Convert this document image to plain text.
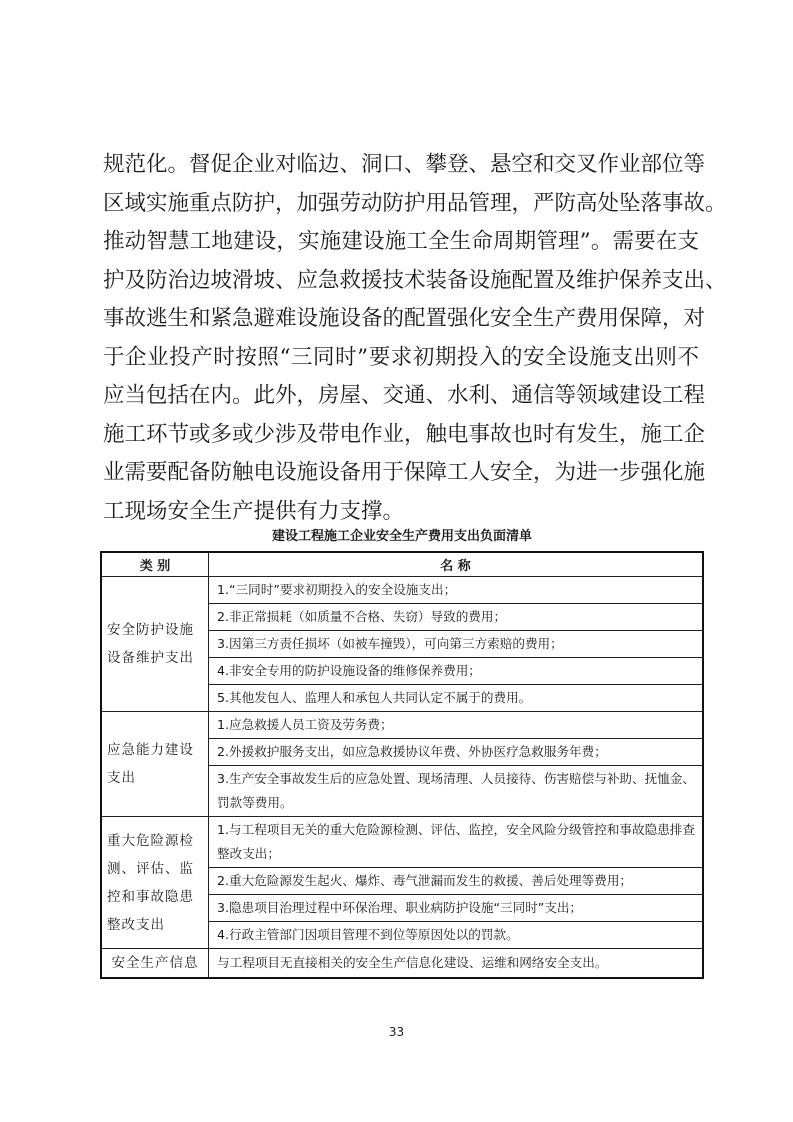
规范化。督促企业对临边、洞口、攀登、悬空和交叉作业部位等
区域实施重点防护，加强劳动防护用品管理，严防高处坠落事故。
推动智慧工地建设，实施建设施工全生命周期管理”。需要在支
护及防治边坡滑坡、应急救援技术装备设施配置及维护保养支出、
事故逃生和紧急避难设施设备的配置强化安全生产费用保障，对
于企业投产时按照“三同时”要求初期投入的安全设施支出则不
应当包括在内。此外，房屋、交通、水利、通信等领域建设工程
施工环节或多或少涉及带电作业，触电事故也时有发生，施工企
业需要配备防触电设施设备用于保障工人安全，为进一步强化施
工现场安全生产提供有力支撑。
建设工程施工企业安全生产费用支出负面清单
类 别	名 称
安全防护设施设备维护支出	1.“三同时”要求初期投入的安全设施支出；
	2.非正常损耗（如质量不合格、失窃）导致的费用；
	3.因第三方责任损坏（如被车撞毁），可向第三方索赔的费用；
	4.非安全专用的防护设施设备的维修保养费用；
	5.其他发包人、监理人和承包人共同认定不属于的费用。
应急能力建设支出	1.应急救援人员工资及劳务费；
	2.外援救护服务支出，如应急救援协议年费、外协医疗急救服务年费；
	3.生产安全事故发生后的应急处置、现场清理、人员接待、伤害赔偿与补助、抚恤金、罚款等费用。
重大危险源检测、评估、监控和事故隐患整改支出	1.与工程项目无关的重大危险源检测、评估、监控，安全风险分级管控和事故隐患排查整改支出；
	2.重大危险源发生起火、爆炸、毒气泄漏而发生的救援、善后处理等费用；
	3.隐患项目治理过程中环保治理、职业病防护设施“三同时”支出；
	4.行政主管部门因项目管理不到位等原因处以的罚款。
安全生产信息	与工程项目无直接相关的安全生产信息化建设、运维和网络安全支出。
33
